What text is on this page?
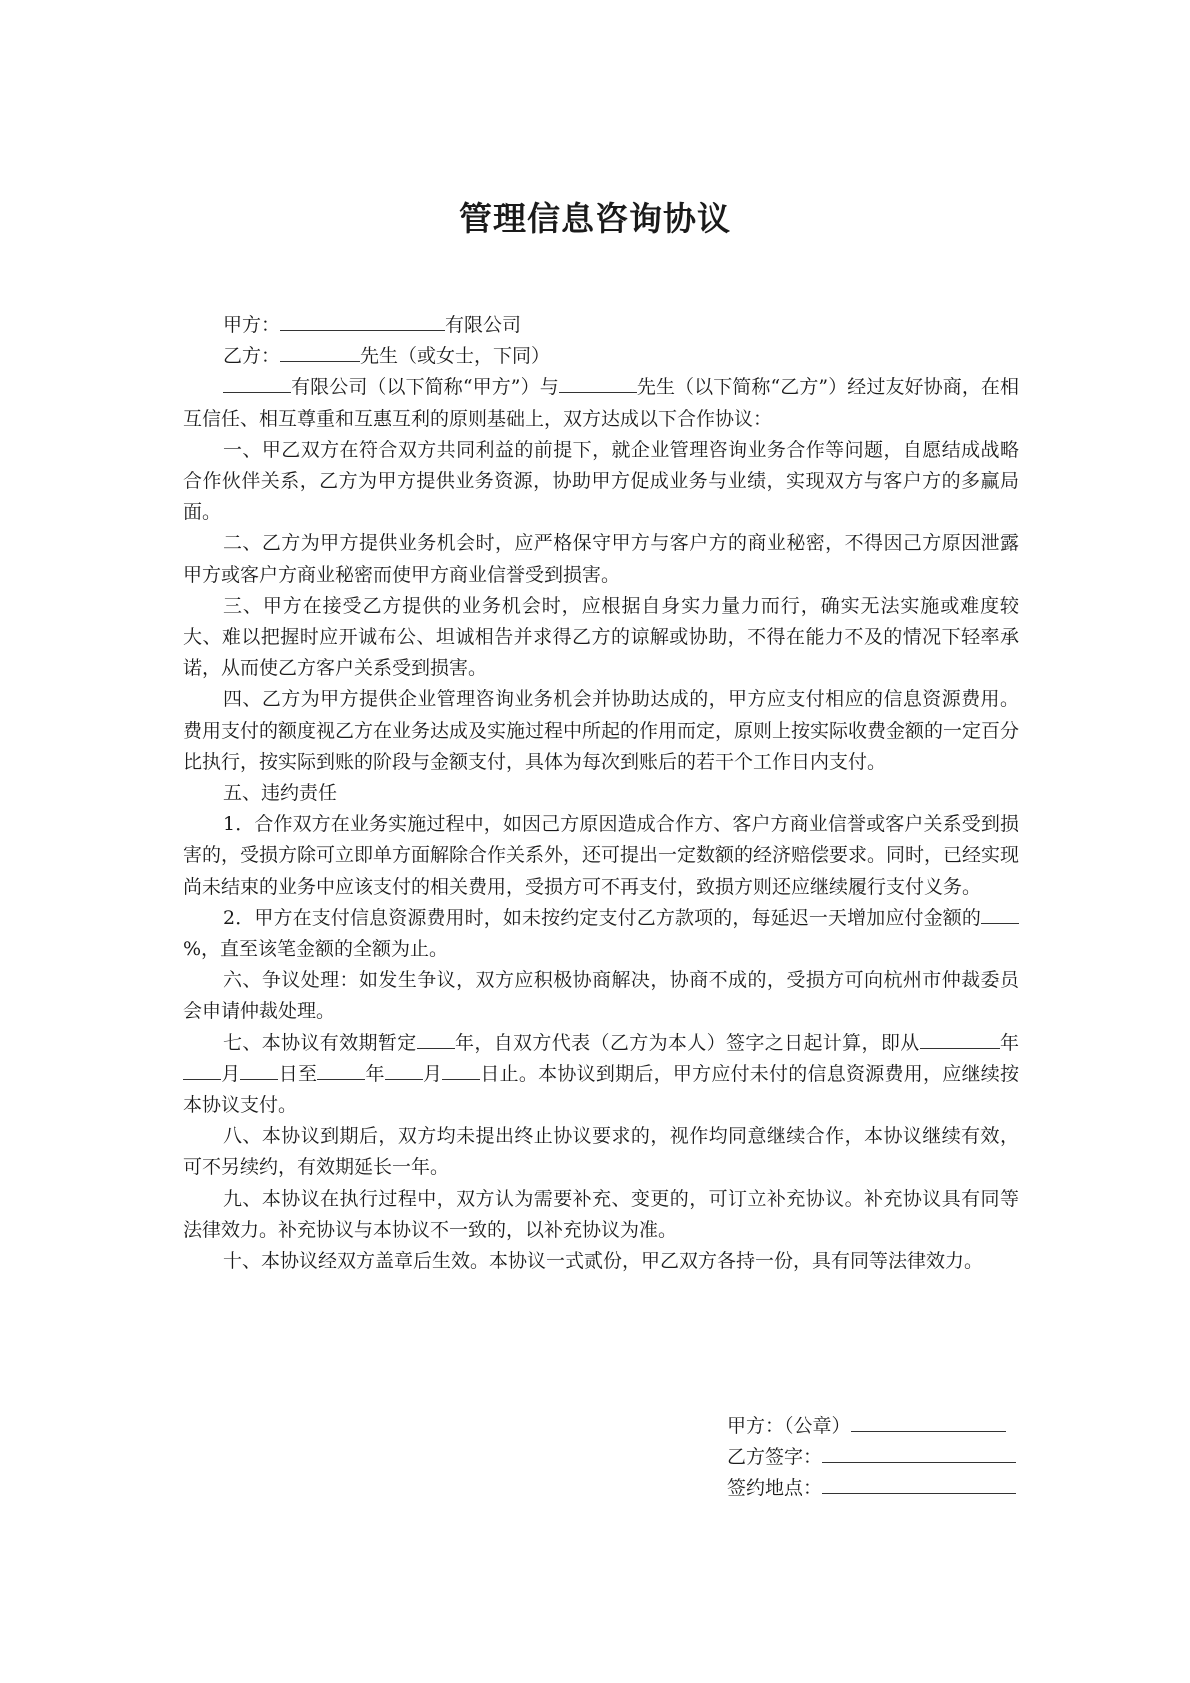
管理信息咨询协议

甲方：	有限公司

乙方：	先生（或女士，下同）

有限公司（以下简称“甲方”）与	先生（以下简称“乙方”）经过友好协商，在相互信任、相互尊重和互惠互利的原则基础上，双方达成以下合作协议：

一、甲乙双方在符合双方共同利益的前提下，就企业管理咨询业务合作等问题，自愿结成战略合作伙伴关系，乙方为甲方提供业务资源，协助甲方促成业务与业绩，实现双方与客户方的多赢局面。

二、乙方为甲方提供业务机会时，应严格保守甲方与客户方的商业秘密，不得因己方原因泄露甲方或客户方商业秘密而使甲方商业信誉受到损害。

三、甲方在接受乙方提供的业务机会时，应根据自身实力量力而行，确实无法实施或难度较大、难以把握时应开诚布公、坦诚相告并求得乙方的谅解或协助，不得在能力不及的情况下轻率承诺，从而使乙方客户关系受到损害。

四、乙方为甲方提供企业管理咨询业务机会并协助达成的，甲方应支付相应的信息资源费用。费用支付的额度视乙方在业务达成及实施过程中所起的作用而定，原则上按实际收费金额的一定百分比执行，按实际到账的阶段与金额支付，具体为每次到账后的若干个工作日内支付。

五、违约责任

1．合作双方在业务实施过程中，如因己方原因造成合作方、客户方商业信誉或客户关系受到损害的，受损方除可立即单方面解除合作关系外，还可提出一定数额的经济赔偿要求。同时，已经实现尚未结束的业务中应该支付的相关费用，受损方可不再支付，致损方则还应继续履行支付义务。

2．甲方在支付信息资源费用时，如未按约定支付乙方款项的，每延迟一天增加应付金额的%，直至该笔金额的全额为止。

六、争议处理：如发生争议，双方应积极协商解决，协商不成的，受损方可向杭州市仲裁委员会申请仲裁处理。

七、本协议有效期暂定 年，自双方代表（乙方为本人）签字之日起计算，即从	年月 日至	年 月 日止。本协议到期后，甲方应付未付的信息资源费用，应继续按本协议支付。

八、本协议到期后，双方均未提出终止协议要求的，视作均同意继续合作，本协议继续有效，可不另续约，有效期延长一年。

九、本协议在执行过程中，双方认为需要补充、变更的，可订立补充协议。补充协议具有同等法律效力。补充协议与本协议不一致的，以补充协议为准。

十、本协议经双方盖章后生效。本协议一式贰份，甲乙双方各持一份，具有同等法律效力。

甲方：（公章）
乙方签字：
签约地点：
